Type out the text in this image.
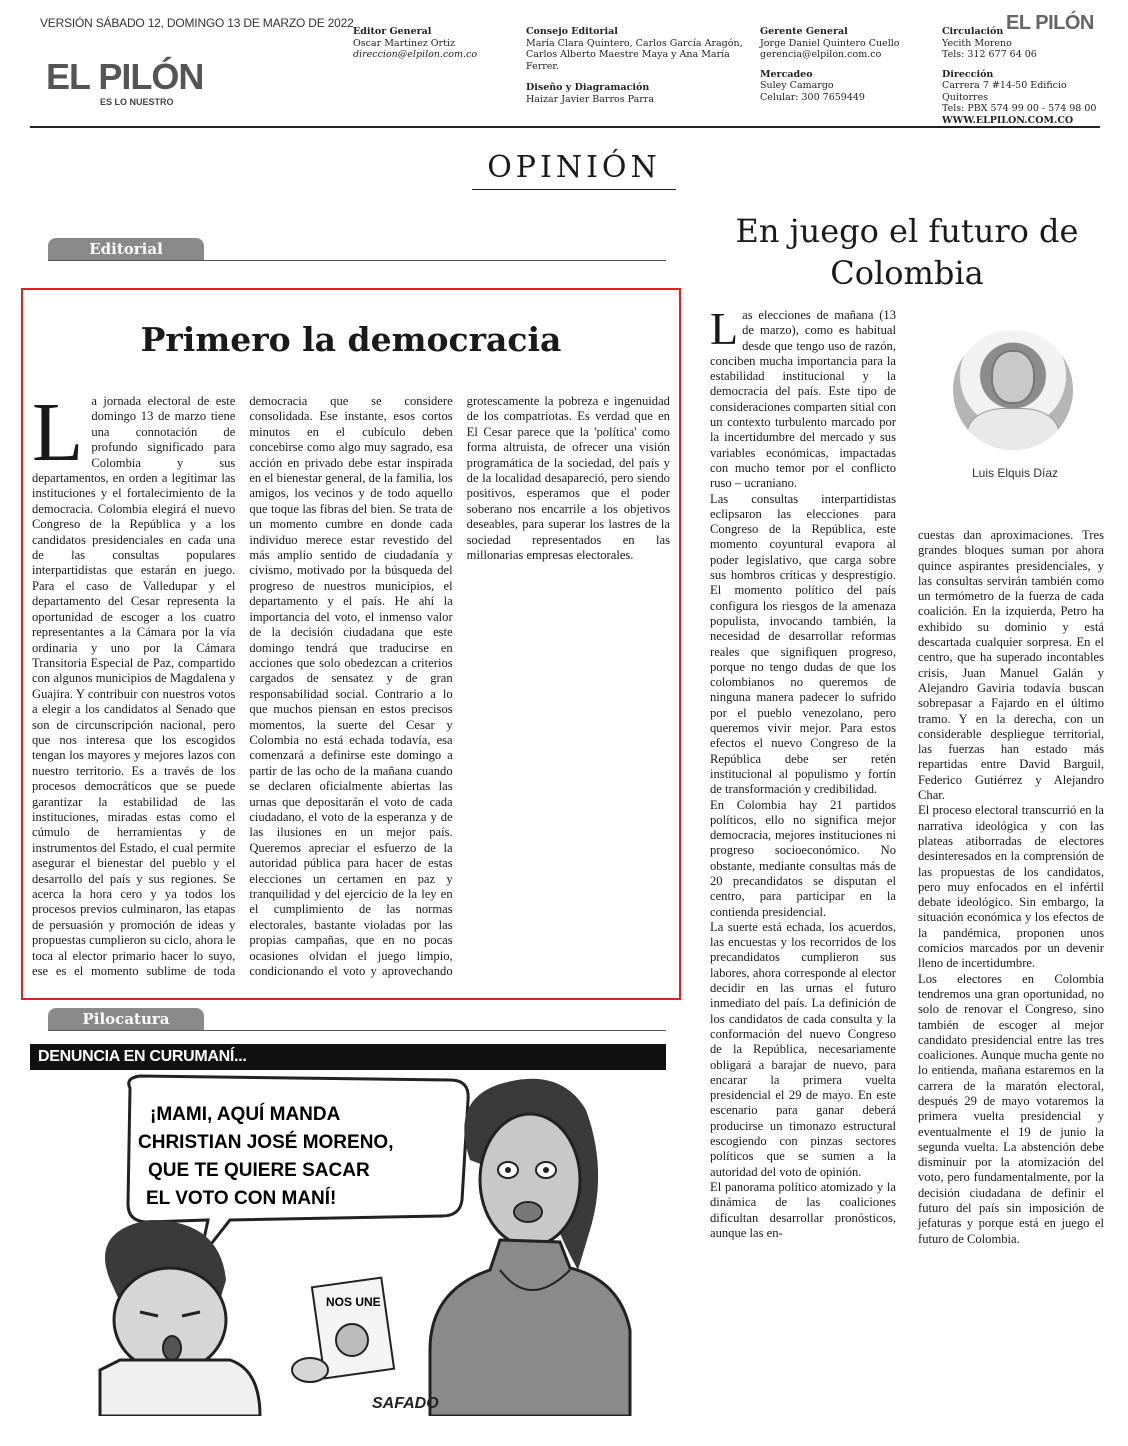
VERSIÓN SÁBADO 12, DOMINGO 13 DE MARZO DE 2022
EL PILÓN
ES LO NUESTRO
EL PILÓN
Editor General
Oscar Martínez Ortiz
direccion@elpilon.com.co
Consejo Editorial
María Clara Quintero, Carlos García Aragón,
Carlos Alberto Maestre Maya y Ana María
Ferrer.
Diseño y Diagramación
Haizar Javier Barros Parra
Gerente General
Jorge Daniel Quintero Cuello
gerencia@elpilon.com.co
Mercadeo
Suley Camargo
Celular: 300 7659449
Circulación
Yecith Moreno
Tels: 312 677 64 06
Dirección
Carrera 7 #14-50 Edificio Quitorres
Tels: PBX 574 99 00 - 574 98 00
WWW.ELPILON.COM.CO
OPINIÓN
Editorial
Primero la democracia
La jornada electoral de este domingo 13 de marzo tiene una connotación de profundo significado para Colombia y sus departamentos, en orden a legitimar las instituciones y el fortalecimiento de la democracia. Colombia elegirá el nuevo Congreso de la República y a los candidatos presidenciales en cada una de las consultas populares interpartidistas que estarán en juego. Para el caso de Valledupar y el departamento del Cesar representa la oportunidad de escoger a los cuatro representantes a la Cámara por la vía ordinaria y uno por la Cámara Transitoria Especial de Paz, compartido con algunos municipios de Magdalena y Guajira. Y contribuir con nuestros votos a elegir a los candidatos al Senado que son de circunscripción nacional, pero que nos interesa que los escogidos tengan los mayores y mejores lazos con nuestro territorio. Es a través de los procesos democráticos que se puede garantizar la estabilidad de las instituciones, miradas estas como el cúmulo de herramientas y de instrumentos del Estado, el cual permite asegurar el bienestar del pueblo y el desarrollo del país y sus regiones. Se acerca la hora cero y ya todos los procesos previos culminaron, las etapas de persuasión y promoción de ideas y propuestas cumplieron su ciclo, ahora le toca al elector primario hacer lo suyo, ese es el momento sublime de toda democracia que se considere consolidada. Ese instante, esos cortos minutos en el cubículo deben concebirse como algo muy sagrado, esa acción en privado debe estar inspirada en el bienestar general, de la familia, los amigos, los vecinos y de todo aquello que toque las fibras del bien. Se trata de un momento cumbre en donde cada individuo merece estar revestido del más amplio sentido de ciudadanía y civismo, motivado por la búsqueda del progreso de nuestros municipios, el departamento y el país. He ahí la importancia del voto, el inmenso valor de la decisión ciudadana que este domingo tendrá que traducirse en acciones que solo obedezcan a criterios cargados de sensatez y de gran responsabilidad social. Contrario a lo que muchos piensan en estos precisos momentos, la suerte del Cesar y Colombia no está echada todavía, esa comenzará a definirse este domingo a partir de las ocho de la mañana cuando se declaren oficialmente abiertas las urnas que depositarán el voto de cada ciudadano, el voto de la esperanza y de las ilusiones en un mejor país. Queremos apreciar el esfuerzo de la autoridad pública para hacer de estas elecciones un certamen en paz y tranquilidad y del ejercicio de la ley en el cumplimiento de las normas electorales, bastante violadas por las propias campañas, que en no pocas ocasiones olvidan el juego limpio, condicionando el voto y aprovechando grotescamente la pobreza e ingenuidad de los compatriotas. Es verdad que en El Cesar parece que la 'política' como forma altruista, de ofrecer una visión programática de la sociedad, del país y de la localidad desapareció, pero siendo positivos, esperamos que el poder soberano nos encarrile a los objetivos deseables, para superar los lastres de la sociedad representados en las millonarias empresas electorales.
En juego el futuro de Colombia
Luis Elquis Díaz

Las elecciones de mañana (13 de marzo), como es habitual desde que tengo uso de razón, conciben mucha importancia para la estabilidad institucional y la democracia del país. Este tipo de consideraciones comparten sitial con un contexto turbulento marcado por la incertidumbre del mercado y sus variables económicas, impactadas con mucho temor por el conflicto ruso – ucraniano.

Las consultas interpartidistas eclipsaron las elecciones para Congreso de la República, este momento coyuntural evapora al poder legislativo, que carga sobre sus hombros críticas y desprestigio. El momento político del país configura los riesgos de la amenaza populista, invocando también, la necesidad de desarrollar reformas reales que signifiquen progreso, porque no tengo dudas de que los colombianos no queremos de ninguna manera padecer lo sufrido por el pueblo venezolano, pero queremos vivir mejor. Para estos efectos el nuevo Congreso de la República debe ser retén institucional al populismo y fortín de transformación y credibilidad.

En Colombia hay 21 partidos políticos, ello no significa mejor democracia, mejores instituciones ni progreso socioeconómico. No obstante, mediante consultas más de 20 precandidatos se disputan el centro, para participar en la contienda presidencial.

La suerte está echada, los acuerdos, las encuestas y los recorridos de los precandidatos cumplieron sus labores, ahora corresponde al elector decidir en las urnas el futuro inmediato del país. La definición de los candidatos de cada consulta y la conformación del nuevo Congreso de la República, necesariamente obligará a barajar de nuevo, para encarar la primera vuelta presidencial el 29 de mayo. En este escenario para ganar deberá producirse un timonazo estructural escogiendo con pinzas sectores políticos que se sumen a la autoridad del voto de opinión.

El panorama político atomizado y la dinámica de las coaliciones dificultan desarrollar pronósticos, aunque las en-

cuestas dan aproximaciones. Tres grandes bloques suman por ahora quince aspirantes presidenciales, y las consultas servirán también como un termómetro de la fuerza de cada coalición. En la izquierda, Petro ha exhibido su dominio y está descartada cualquier sorpresa. En el centro, que ha superado incontables crisis, Juan Manuel Galán y Alejandro Gaviria todavía buscan sobrepasar a Fajardo en el último tramo. Y en la derecha, con un considerable despliegue territorial, las fuerzas han estado más repartidas entre David Barguil, Federico Gutiérrez y Alejandro Char.

El proceso electoral transcurrió en la narrativa ideológica y con las plateas atiborradas de electores desinteresados en la comprensión de las propuestas de los candidatos, pero muy enfocados en el infértil debate ideológico. Sin embargo, la situación económica y los efectos de la pandémica, proponen unos comicios marcados por un devenir lleno de incertidumbre.

Los electores en Colombia tendremos una gran oportunidad, no solo de renovar el Congreso, sino también de escoger al mejor candidato presidencial entre las tres coaliciones. Aunque mucha gente no lo entienda, mañana estaremos en la carrera de la maratón electoral, después 29 de mayo votaremos la primera vuelta presidencial y eventualmente el 19 de junio la segunda vuelta. La abstención debe disminuir por la atomización del voto, pero fundamentalmente, por la decisión ciudadana de definir el futuro del país sin imposición de jefaturas y porque está en juego el futuro de Colombia.

Pilocatura
DENUNCIA EN CURUMANÍ...
¡MAMI, AQUÍ MANDA
CHRISTIAN JOSÉ MORENO,
QUE TE QUIERE SACAR
EL VOTO CON MANÍ!
NOS UNE
SAFADO
